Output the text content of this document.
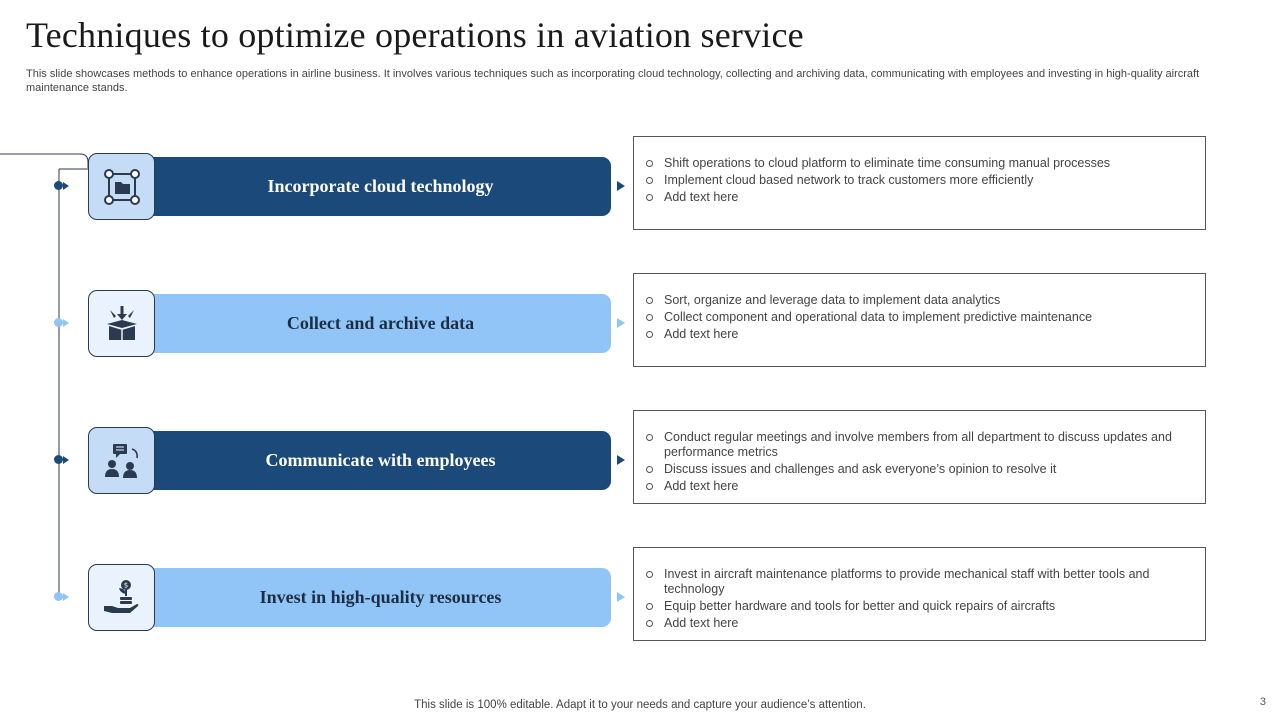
Techniques to optimize operations in aviation service
This slide showcases methods to enhance operations in airline business. It involves various techniques such as incorporating cloud technology, collecting and archiving data, communicating with employees and investing in high-quality aircraft maintenance stands.
Incorporate cloud technology
Shift operations to cloud platform to eliminate time consuming manual processes
Implement cloud based network to track customers more efficiently
Add text here
Collect and archive data
Sort, organize and leverage data to implement data analytics
Collect component and operational data to implement predictive maintenance
Add text here
Communicate with employees
Conduct regular meetings and involve members from all department to discuss updates and performance metrics
Discuss issues and challenges and ask everyone’s opinion to resolve it
Add text here
$
Invest in high-quality resources
Invest in aircraft maintenance platforms to provide mechanical staff with better tools and technology
Equip better hardware and tools for better and quick repairs of aircrafts
Add text here
This slide is 100% editable. Adapt it to your needs and capture your audience’s attention.	3
